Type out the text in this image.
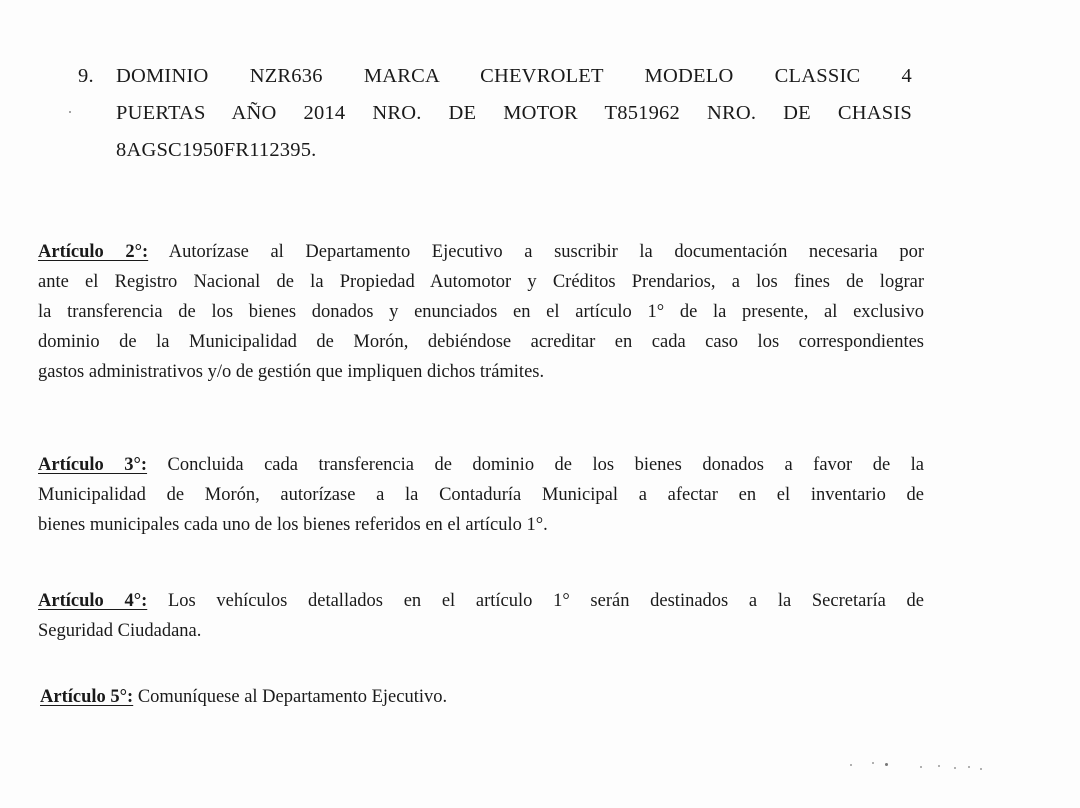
9. DOMINIO NZR636 MARCA CHEVROLET MODELO CLASSIC 4
PUERTAS AÑO 2014 NRO. DE MOTOR T851962 NRO. DE CHASIS
8AGSC1950FR112395.
Artículo 2°: Autorízase al Departamento Ejecutivo a suscribir la documentación necesaria por
ante el Registro Nacional de la Propiedad Automotor y Créditos Prendarios, a los fines de lograr
la transferencia de los bienes donados y enunciados en el artículo 1° de la presente, al exclusivo
dominio de la Municipalidad de Morón, debiéndose acreditar en cada caso los correspondientes
gastos administrativos y/o de gestión que impliquen dichos trámites.
Artículo 3°: Concluida cada transferencia de dominio de los bienes donados a favor de la
Municipalidad de Morón, autorízase a la Contaduría Municipal a afectar en el inventario de
bienes municipales cada uno de los bienes referidos en el artículo 1°.
Artículo 4°: Los vehículos detallados en el artículo 1° serán destinados a la Secretaría de
Seguridad Ciudadana.
Artículo 5°: Comuníquese al Departamento Ejecutivo.
